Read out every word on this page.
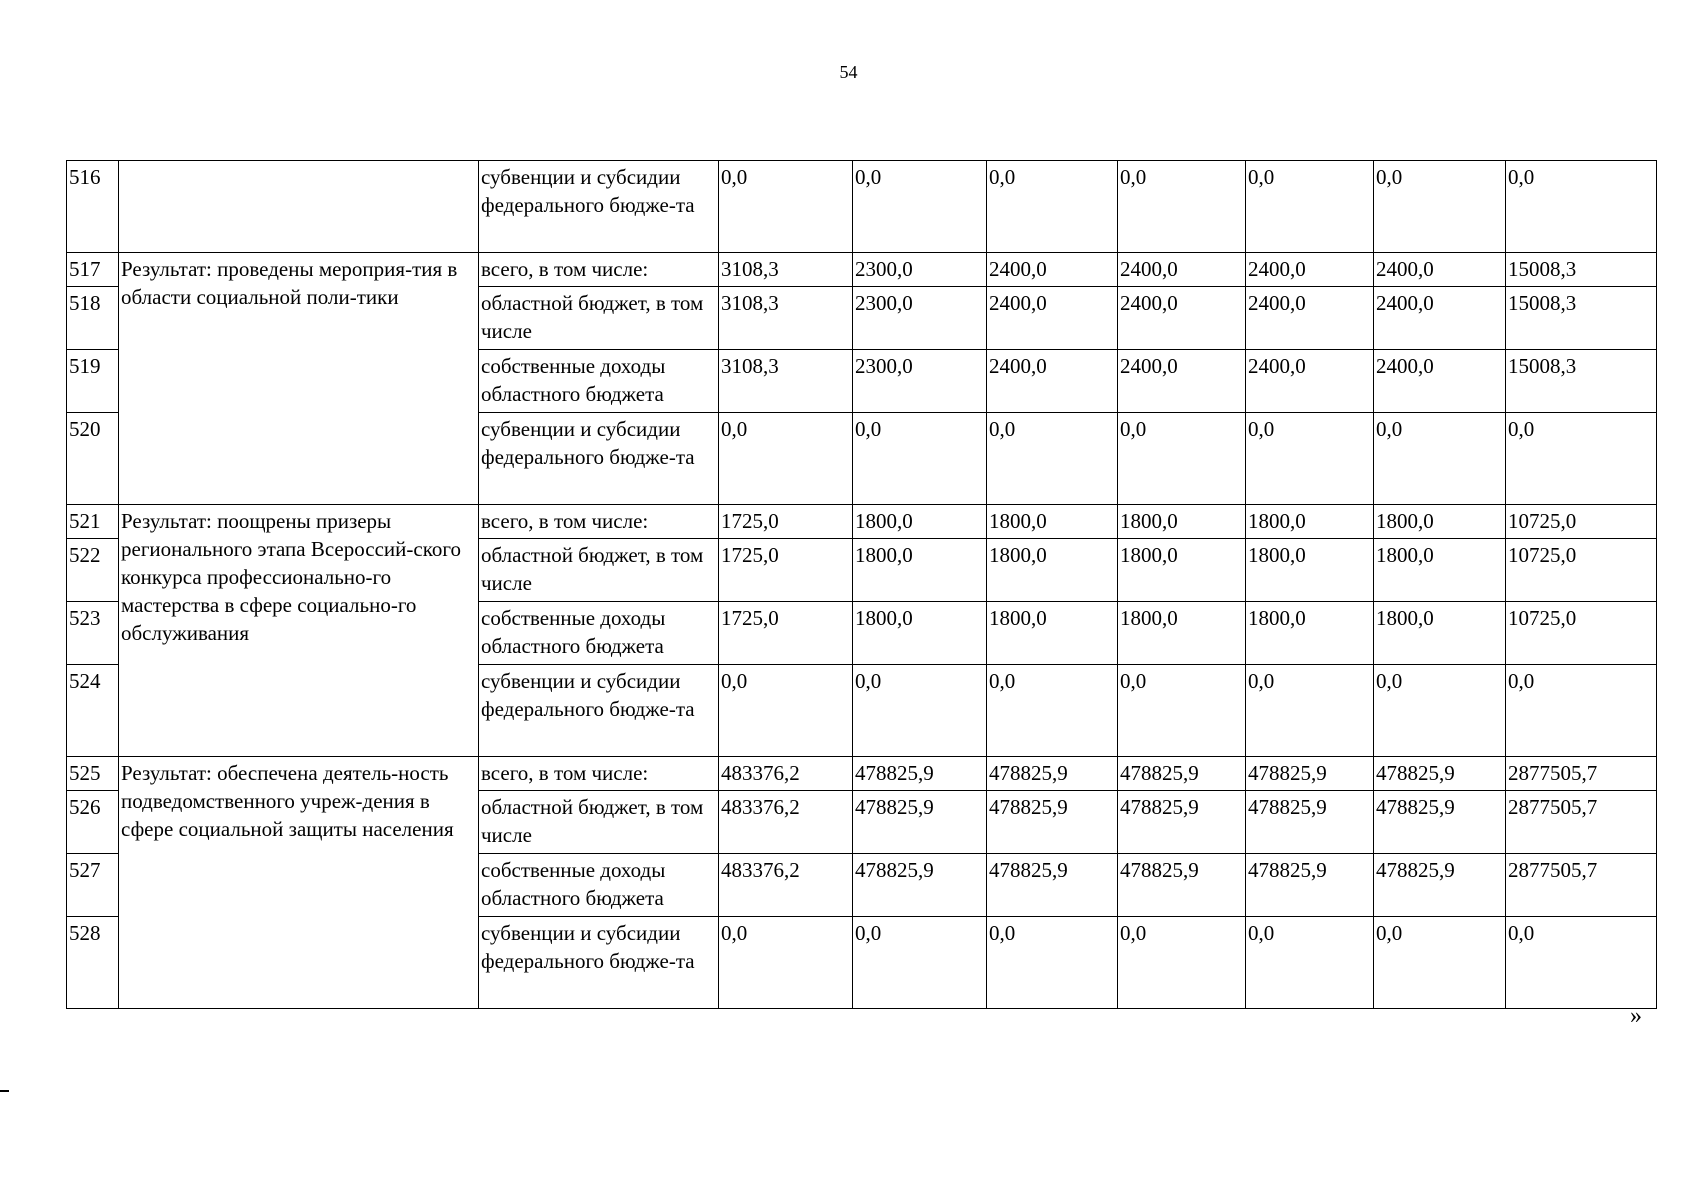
54
516		субвенции и субсидии федерального бюдже-та	0,0	0,0	0,0	0,0	0,0	0,0	0,0
517	Результат: проведены мероприя-тия в области социальной поли-тики	всего, в том числе:	3108,3	2300,0	2400,0	2400,0	2400,0	2400,0	15008,3
518		областной бюджет, в том числе	3108,3	2300,0	2400,0	2400,0	2400,0	2400,0	15008,3
519		собственные доходы областного бюджета	3108,3	2300,0	2400,0	2400,0	2400,0	2400,0	15008,3
520		субвенции и субсидии федерального бюдже-та	0,0	0,0	0,0	0,0	0,0	0,0	0,0
521	Результат: поощрены призеры регионального этапа Всероссий-ского конкурса профессионально-го мастерства в сфере социально-го обслуживания	всего, в том числе:	1725,0	1800,0	1800,0	1800,0	1800,0	1800,0	10725,0
522		областной бюджет, в том числе	1725,0	1800,0	1800,0	1800,0	1800,0	1800,0	10725,0
523		собственные доходы областного бюджета	1725,0	1800,0	1800,0	1800,0	1800,0	1800,0	10725,0
524		субвенции и субсидии федерального бюдже-та	0,0	0,0	0,0	0,0	0,0	0,0	0,0
525	Результат: обеспечена деятель-ность подведомственного учреж-дения в сфере социальной защиты населения	всего, в том числе:	483376,2	478825,9	478825,9	478825,9	478825,9	478825,9	2877505,7
526		областной бюджет, в том числе	483376,2	478825,9	478825,9	478825,9	478825,9	478825,9	2877505,7
527		собственные доходы областного бюджета	483376,2	478825,9	478825,9	478825,9	478825,9	478825,9	2877505,7
528		субвенции и субсидии федерального бюдже-та	0,0	0,0	0,0	0,0	0,0	0,0	0,0
»
